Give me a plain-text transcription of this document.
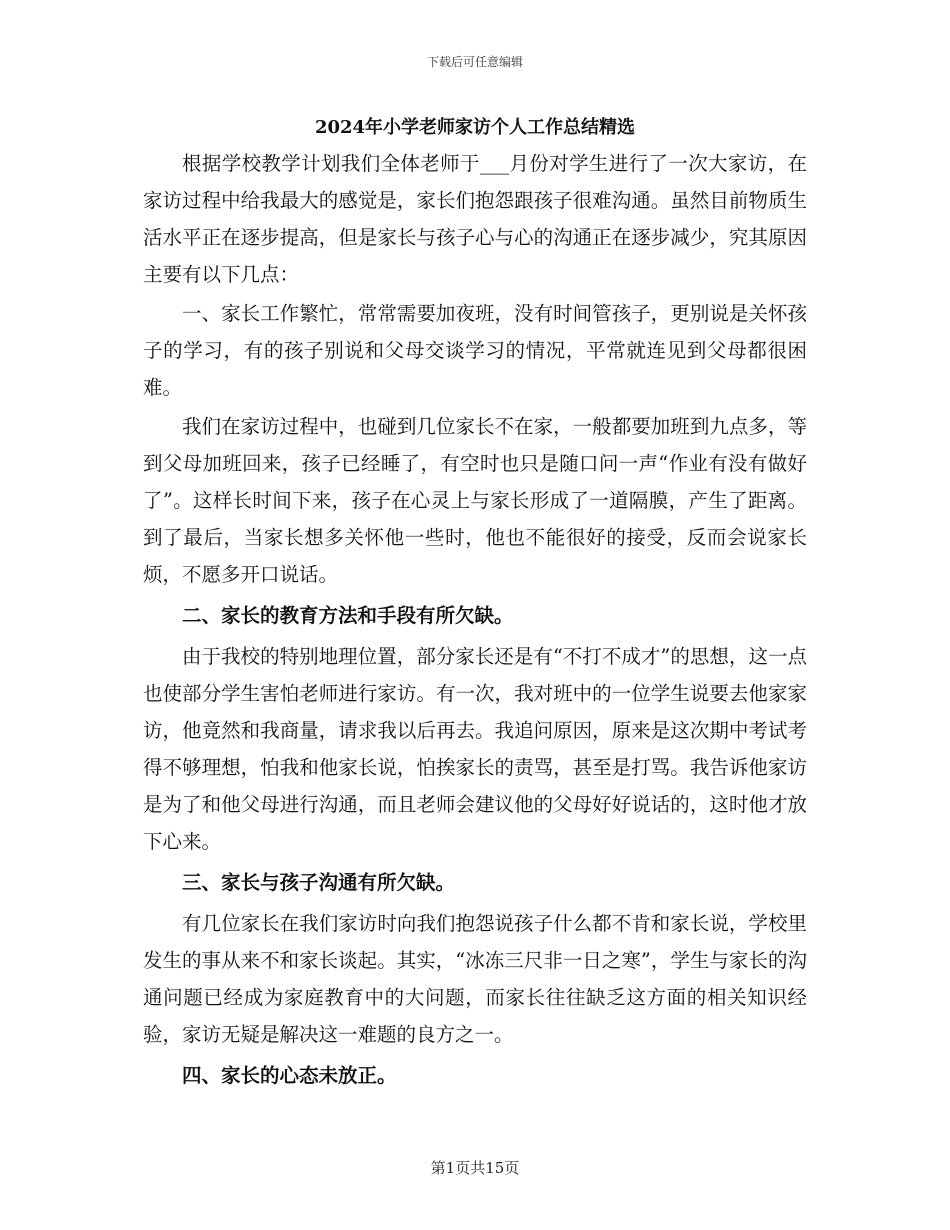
下载后可任意编辑
2024年小学老师家访个人工作总结精选

根据学校教学计划我们全体老师于___月份对学生进行了一次大家访，在家访过程中给我最大的感觉是，家长们抱怨跟孩子很难沟通。虽然目前物质生活水平正在逐步提高，但是家长与孩子心与心的沟通正在逐步减少，究其原因主要有以下几点：

一、家长工作繁忙，常常需要加夜班，没有时间管孩子，更别说是关怀孩子的学习，有的孩子别说和父母交谈学习的情况，平常就连见到父母都很困难。

我们在家访过程中，也碰到几位家长不在家，一般都要加班到九点多，等到父母加班回来，孩子已经睡了，有空时也只是随口问一声“作业有没有做好了”。这样长时间下来，孩子在心灵上与家长形成了一道隔膜，产生了距离。到了最后，当家长想多关怀他一些时，他也不能很好的接受，反而会说家长烦，不愿多开口说话。

二、家长的教育方法和手段有所欠缺。

由于我校的特别地理位置，部分家长还是有“不打不成才”的思想，这一点也使部分学生害怕老师进行家访。有一次，我对班中的一位学生说要去他家家访，他竟然和我商量，请求我以后再去。我追问原因，原来是这次期中考试考得不够理想，怕我和他家长说，怕挨家长的责骂，甚至是打骂。我告诉他家访是为了和他父母进行沟通，而且老师会建议他的父母好好说话的，这时他才放下心来。

三、家长与孩子沟通有所欠缺。

有几位家长在我们家访时向我们抱怨说孩子什么都不肯和家长说，学校里发生的事从来不和家长谈起。其实，“冰冻三尺非一日之寒”，学生与家长的沟通问题已经成为家庭教育中的大问题，而家长往往缺乏这方面的相关知识经验，家访无疑是解决这一难题的良方之一。

四、家长的心态未放正。

第1页共15页
